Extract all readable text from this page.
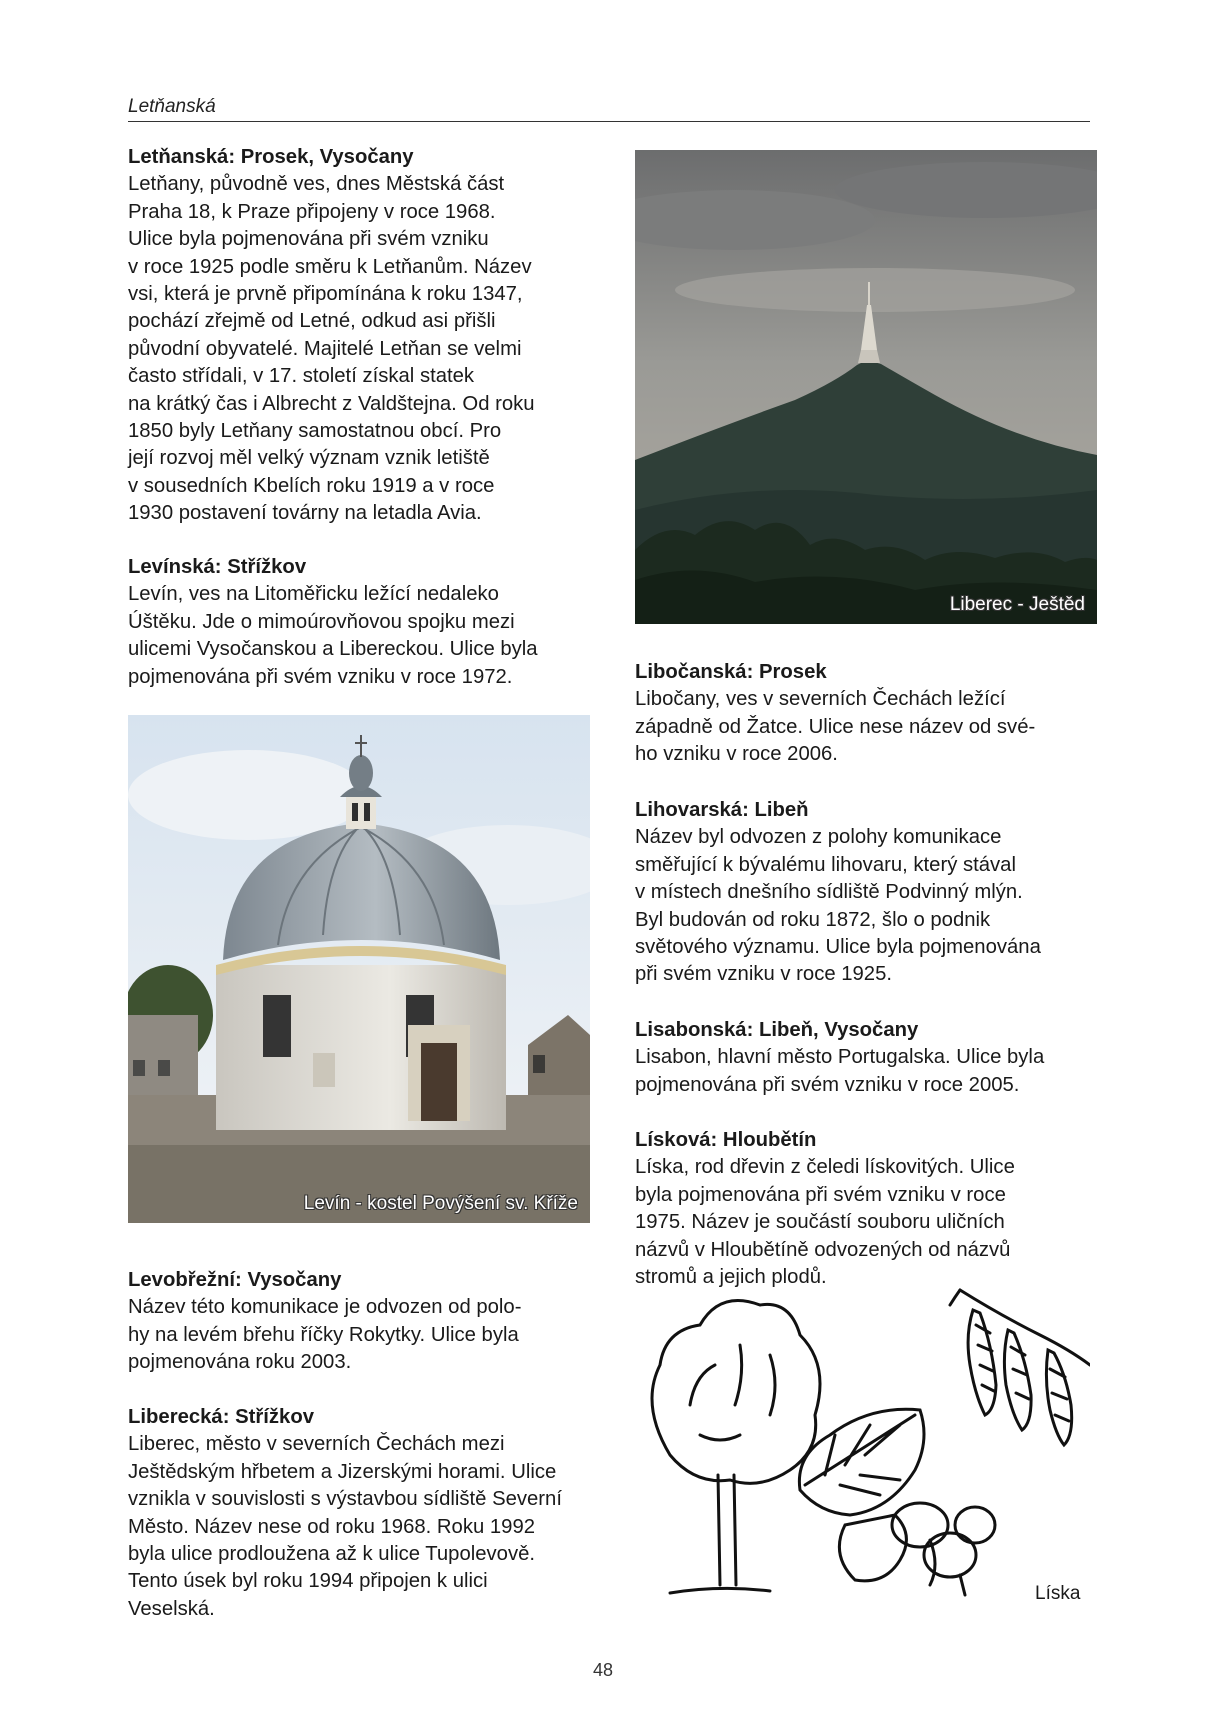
Letňanská
Letňanská: Prosek, Vysočany

Letňany, původně ves, dnes Městská část
Praha 18, k Praze připojeny v roce 1968.
Ulice byla pojmenována při svém vzniku
v roce 1925 podle směru k Letňanům. Název
vsi, která je prvně připomínána k roku 1347,
pochází zřejmě od Letné, odkud asi přišli
původní obyvatelé. Majitelé Letňan se velmi
často střídali, v 17. století získal statek
na krátký čas i Albrecht z Valdštejna. Od roku
1850 byly Letňany samostatnou obcí. Pro
její rozvoj měl velký význam vznik letiště
v sousedních Kbelích roku 1919 a v roce
1930 postavení továrny na letadla Avia.

Levínská: Střížkov

Levín, ves na Litoměřicku ležící nedaleko
Úštěku. Jde o mimoúrovňovou spojku mezi
ulicemi Vysočanskou a Libereckou. Ulice byla
pojmenována při svém vzniku v roce 1972.

Levín - kostel Povýšení sv. Kříže
Levobřežní: Vysočany

Název této komunikace je odvozen od polo-
hy na levém břehu říčky Rokytky. Ulice byla
pojmenována roku 2003.

Liberecká: Střížkov

Liberec, město v severních Čechách mezi
Ještědským hřbetem a Jizerskými horami. Ulice
vznikla v souvislosti s výstavbou sídliště Severní
Město. Název nese od roku 1968. Roku 1992
byla ulice prodloužena až k ulice Tupolevově.
Tento úsek byl roku 1994 připojen k ulici
Veselská.

Liberec - Ještěd
Libočanská: Prosek

Libočany, ves v severních Čechách ležící
západně od Žatce. Ulice nese název od své-
ho vzniku v roce 2006.

Lihovarská: Libeň

Název byl odvozen z polohy komunikace
směřující k bývalému lihovaru, který stával
v místech dnešního sídliště Podvinný mlýn.
Byl budován od roku 1872, šlo o podnik
světového významu. Ulice byla pojmenována
při svém vzniku v roce 1925.

Lisabonská: Libeň, Vysočany

Lisabon, hlavní město Portugalska. Ulice byla
pojmenována při svém vzniku v roce 2005.

Lísková: Hloubětín

Líska, rod dřevin z čeledi lískovitých. Ulice
byla pojmenována při svém vzniku v roce
1975. Název je součástí souboru uličních
názvů v Hloubětíně odvozených od názvů
stromů a jejich plodů.

Líska
48
